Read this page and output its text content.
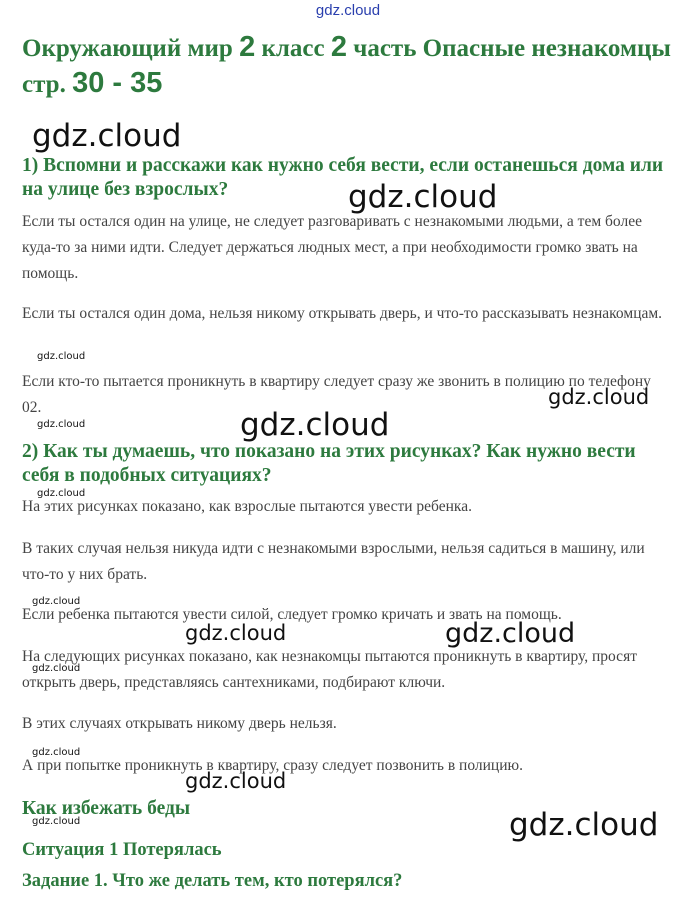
gdz.cloud
Окружающий мир 2 класс 2 часть Опасные незнакомцы стр. 30 - 35
1) Вспомни и расскажи как нужно себя вести, если останешься дома или на улице без взрослых?

Если ты остался один на улице, не следует разговаривать с незнакомыми людьми, а тем более куда-то за ними идти. Следует держаться людных мест, а при необходимости громко звать на помощь.

Если ты остался один дома, нельзя никому открывать дверь, и что-то рассказывать незнакомцам.

Если кто-то пытается проникнуть в квартиру следует сразу же звонить в полицию по телефону 02.

2) Как ты думаешь, что показано на этих рисунках? Как нужно вести себя в подобных ситуациях?

На этих рисунках показано, как взрослые пытаются увести ребенка.

В таких случая нельзя никуда идти с незнакомыми взрослыми, нельзя садиться в машину, или что-то у них брать.

Если ребенка пытаются увести силой, следует громко кричать и звать на помощь.

На следующих рисунках показано, как незнакомцы пытаются проникнуть в квартиру, просят открыть дверь, представляясь сантехниками, подбирают ключи.

В этих случаях открывать никому дверь нельзя.

А при попытке проникнуть в квартиру, сразу следует позвонить в полицию.

Как избежать беды
Ситуация 1 Потерялась
Задание 1. Что же делать тем, кто потерялся?
gdz.cloud
gdz.cloud
gdz.cloud
gdz.cloud
gdz.cloud	gdz.cloud
gdz.cloud
gdz.cloud
gdz.cloud	gdz.cloud
gdz.cloud
gdz.cloud
gdz.cloud
gdz.cloud	gdz.cloud
